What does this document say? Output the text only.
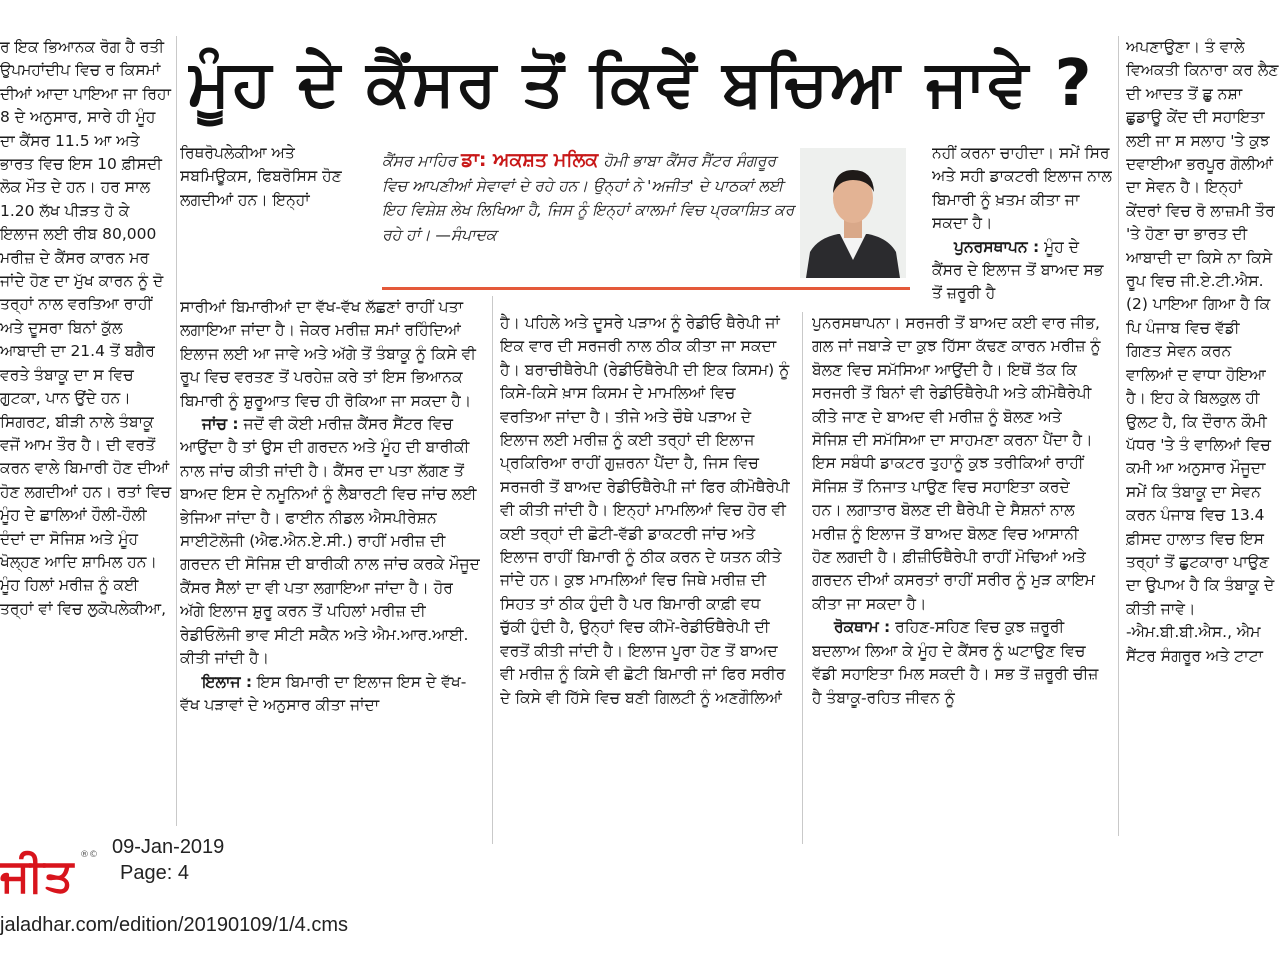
ਮੂੰਹ ਦੇ ਕੈਂਸਰ ਤੋਂ ਕਿਵੇਂ ਬਚਿਆ ਜਾਵੇ ?

ਰ ਇਕ ਭਿਆਨਕ ਰੋਗ ਹੈ ਰਤੀ ਉਪਮਹਾਂਦੀਪ ਵਿਚ ਰ ਕਿਸਮਾਂ ਦੀਆਂ ਆਦਾ ਪਾਇਆ ਜਾ ਰਿਹਾ 8 ਦੇ ਅਨੁਸਾਰ, ਸਾਰੇ ਹੀ ਮੂੰਹ ਦਾ ਕੈਂਸਰ 11.5 ਆ ਅਤੇ ਭਾਰਤ ਵਿਚ ਇਸ 10 ਫ਼ੀਸਦੀ ਲੋਕ ਮੌਤ ਦੇ ਹਨ। ਹਰ ਸਾਲ 1.20 ਲੱਖ ਪੀੜਤ ਹੋ ਕੇ ਇਲਾਜ ਲਈ ਰੀਬ 80,000 ਮਰੀਜ਼ ਦੇ ਕੈਂਸਰ ਕਾਰਨ ਮਰ ਜਾਂਦੇ ਹੋਣ ਦਾ ਮੁੱਖ ਕਾਰਨ ਨੂੰ ਦੋ ਤਰ੍ਹਾਂ ਨਾਲ ਵਰਤਿਆ ਰਾਹੀਂ ਅਤੇ ਦੂਸਰਾ ਬਿਨਾਂ ਕੁੱਲ ਆਬਾਦੀ ਦਾ 21.4 ਤੋਂ ਬਗੈਰ ਵਰਤੇ ਤੰਬਾਕੂ ਦਾ ਸ ਵਿਚ ਗੁਟਕਾ, ਪਾਨ ਉਂਦੇ ਹਨ। ਸਿਗਰਟ, ਬੀੜੀ ਨਾਲੇ ਤੰਬਾਕੂ ਵਜੋਂ ਆਮ ਤੌਰ ਹੈ। ਦੀ ਵਰਤੋਂ ਕਰਨ ਵਾਲੇ ਬਿਮਾਰੀ ਹੋਣ ਦੀਆਂ ਹੋਣ ਲਗਦੀਆਂ ਹਨ। ਰਤਾਂ ਵਿਚ ਮੂੰਹ ਦੇ ਛਾਲਿਆਂ ਹੌਲੀ-ਹੌਲੀ ਦੰਦਾਂ ਦਾ ਸੋਜਿਸ਼ ਅਤੇ ਮੂੰਹ ਖੋਲ੍ਹਣ ਆਦਿ ਸ਼ਾਮਿਲ ਹਨ। ਮੂੰਹ ਹਿਲਾਂ ਮਰੀਜ਼ ਨੂੰ ਕਈ ਤਰ੍ਹਾਂ ਵਾਂ ਵਿਚ ਲੁਕੋਪਲੇਕੀਆ,

ਰਿਥਰੋਪਲੇਕੀਆ ਅਤੇ ਸਬਮਿਊਕਸ, ਫਿਬਰੋਸਿਸ ਹੋਣ ਲਗਦੀਆਂ ਹਨ। ਇਨ੍ਹਾਂ

ਸਾਰੀਆਂ ਬਿਮਾਰੀਆਂ ਦਾ ਵੱਖ-ਵੱਖ ਲੱਛਣਾਂ ਰਾਹੀਂ ਪਤਾ ਲਗਾਇਆ ਜਾਂਦਾ ਹੈ। ਜੇਕਰ ਮਰੀਜ਼ ਸਮਾਂ ਰਹਿੰਦਿਆਂ ਇਲਾਜ ਲਈ ਆ ਜਾਵੇ ਅਤੇ ਅੱਗੇ ਤੋਂ ਤੰਬਾਕੂ ਨੂੰ ਕਿਸੇ ਵੀ ਰੂਪ ਵਿਚ ਵਰਤਣ ਤੋਂ ਪਰਹੇਜ਼ ਕਰੇ ਤਾਂ ਇਸ ਭਿਆਨਕ ਬਿਮਾਰੀ ਨੂੰ ਸ਼ੁਰੂਆਤ ਵਿਚ ਹੀ ਰੋਕਿਆ ਜਾ ਸਕਦਾ ਹੈ।

ਜਾਂਚ : ਜਦੋਂ ਵੀ ਕੋਈ ਮਰੀਜ਼ ਕੈਂਸਰ ਸੈਂਟਰ ਵਿਚ ਆਉਂਦਾ ਹੈ ਤਾਂ ਉਸ ਦੀ ਗਰਦਨ ਅਤੇ ਮੂੰਹ ਦੀ ਬਾਰੀਕੀ ਨਾਲ ਜਾਂਚ ਕੀਤੀ ਜਾਂਦੀ ਹੈ। ਕੈਂਸਰ ਦਾ ਪਤਾ ਲੱਗਣ ਤੋਂ ਬਾਅਦ ਇਸ ਦੇ ਨਮੂਨਿਆਂ ਨੂੰ ਲੈਬਾਰਟੀ ਵਿਚ ਜਾਂਚ ਲਈ ਭੇਜਿਆ ਜਾਂਦਾ ਹੈ। ਫਾਈਨ ਨੀਡਲ ਐਸਪੀਰੇਸ਼ਨ ਸਾਈਟੋਲੋਜੀ (ਐਫ.ਐਨ.ਏ.ਸੀ.) ਰਾਹੀਂ ਮਰੀਜ਼ ਦੀ ਗਰਦਨ ਦੀ ਸੋਜਿਸ਼ ਦੀ ਬਾਰੀਕੀ ਨਾਲ ਜਾਂਚ ਕਰਕੇ ਮੌਜੂਦ ਕੈਂਸਰ ਸੈੱਲਾਂ ਦਾ ਵੀ ਪਤਾ ਲਗਾਇਆ ਜਾਂਦਾ ਹੈ। ਹੋਰ ਅੱਗੇ ਇਲਾਜ ਸ਼ੁਰੂ ਕਰਨ ਤੋਂ ਪਹਿਲਾਂ ਮਰੀਜ਼ ਦੀ ਰੇਡੀਓਲੋਜੀ ਭਾਵ ਸੀਟੀ ਸਕੈਨ ਅਤੇ ਐਮ.ਆਰ.ਆਈ. ਕੀਤੀ ਜਾਂਦੀ ਹੈ।

ਇਲਾਜ : ਇਸ ਬਿਮਾਰੀ ਦਾ ਇਲਾਜ ਇਸ ਦੇ ਵੱਖ-ਵੱਖ ਪੜਾਵਾਂ ਦੇ ਅਨੁਸਾਰ ਕੀਤਾ ਜਾਂਦਾ

ਕੈਂਸਰ ਮਾਹਿਰ ਡਾ: ਅਕਸ਼ਤ ਮਲਿਕ ਹੋਮੀ ਭਾਬਾ ਕੈਂਸਰ ਸੈਂਟਰ ਸੰਗਰੂਰ ਵਿਚ ਆਪਣੀਆਂ ਸੇਵਾਵਾਂ ਦੇ ਰਹੇ ਹਨ। ਉਨ੍ਹਾਂ ਨੇ 'ਅਜੀਤ' ਦੇ ਪਾਠਕਾਂ ਲਈ ਇਹ ਵਿਸ਼ੇਸ਼ ਲੇਖ ਲਿਖਿਆ ਹੈ, ਜਿਸ ਨੂੰ ਇਨ੍ਹਾਂ ਕਾਲਮਾਂ ਵਿਚ ਪ੍ਰਕਾਸ਼ਿਤ ਕਰ ਰਹੇ ਹਾਂ। —ਸੰਪਾਦਕ

ਹੈ। ਪਹਿਲੇ ਅਤੇ ਦੂਸਰੇ ਪੜਾਅ ਨੂੰ ਰੇਡੀਓ ਥੈਰੇਪੀ ਜਾਂ ਇਕ ਵਾਰ ਦੀ ਸਰਜਰੀ ਨਾਲ ਠੀਕ ਕੀਤਾ ਜਾ ਸਕਦਾ ਹੈ। ਬਰਾਚੀਥੈਰੇਪੀ (ਰੇਡੀਓਥੈਰੇਪੀ ਦੀ ਇਕ ਕਿਸਮ) ਨੂੰ ਕਿਸੇ-ਕਿਸੇ ਖ਼ਾਸ ਕਿਸਮ ਦੇ ਮਾਮਲਿਆਂ ਵਿਚ ਵਰਤਿਆ ਜਾਂਦਾ ਹੈ। ਤੀਜੇ ਅਤੇ ਚੌਥੇ ਪੜਾਅ ਦੇ ਇਲਾਜ ਲਈ ਮਰੀਜ਼ ਨੂੰ ਕਈ ਤਰ੍ਹਾਂ ਦੀ ਇਲਾਜ ਪ੍ਰਕਿਰਿਆ ਰਾਹੀਂ ਗੁਜ਼ਰਨਾ ਪੈਂਦਾ ਹੈ, ਜਿਸ ਵਿਚ ਸਰਜਰੀ ਤੋਂ ਬਾਅਦ ਰੇਡੀਓਥੈਰੇਪੀ ਜਾਂ ਫਿਰ ਕੀਮੋਥੈਰੇਪੀ ਵੀ ਕੀਤੀ ਜਾਂਦੀ ਹੈ। ਇਨ੍ਹਾਂ ਮਾਮਲਿਆਂ ਵਿਚ ਹੋਰ ਵੀ ਕਈ ਤਰ੍ਹਾਂ ਦੀ ਛੋਟੀ-ਵੱਡੀ ਡਾਕਟਰੀ ਜਾਂਚ ਅਤੇ ਇਲਾਜ ਰਾਹੀਂ ਬਿਮਾਰੀ ਨੂੰ ਠੀਕ ਕਰਨ ਦੇ ਯਤਨ ਕੀਤੇ ਜਾਂਦੇ ਹਨ। ਕੁਝ ਮਾਮਲਿਆਂ ਵਿਚ ਜਿਥੇ ਮਰੀਜ਼ ਦੀ ਸਿਹਤ ਤਾਂ ਠੀਕ ਹੁੰਦੀ ਹੈ ਪਰ ਬਿਮਾਰੀ ਕਾਫ਼ੀ ਵਧ ਚੁੱਕੀ ਹੁੰਦੀ ਹੈ, ਉਨ੍ਹਾਂ ਵਿਚ ਕੀਮੋ-ਰੇਡੀਓਥੈਰੇਪੀ ਦੀ ਵਰਤੋਂ ਕੀਤੀ ਜਾਂਦੀ ਹੈ। ਇਲਾਜ ਪੂਰਾ ਹੋਣ ਤੋਂ ਬਾਅਦ ਵੀ ਮਰੀਜ਼ ਨੂੰ ਕਿਸੇ ਵੀ ਛੋਟੀ ਬਿਮਾਰੀ ਜਾਂ ਫਿਰ ਸਰੀਰ ਦੇ ਕਿਸੇ ਵੀ ਹਿੱਸੇ ਵਿਚ ਬਣੀ ਗਿਲਟੀ ਨੂੰ ਅਣਗੌਲਿਆਂ

ਨਹੀਂ ਕਰਨਾ ਚਾਹੀਦਾ। ਸਮੇਂ ਸਿਰ ਅਤੇ ਸਹੀ ਡਾਕਟਰੀ ਇਲਾਜ ਨਾਲ ਬਿਮਾਰੀ ਨੂੰ ਖ਼ਤਮ ਕੀਤਾ ਜਾ ਸਕਦਾ ਹੈ।

ਪੁਨਰਸਥਾਪਨ : ਮੂੰਹ ਦੇ ਕੈਂਸਰ ਦੇ ਇਲਾਜ ਤੋਂ ਬਾਅਦ ਸਭ ਤੋਂ ਜ਼ਰੂਰੀ ਹੈ

ਪੁਨਰਸਥਾਪਨਾ। ਸਰਜਰੀ ਤੋਂ ਬਾਅਦ ਕਈ ਵਾਰ ਜੀਭ, ਗਲ ਜਾਂ ਜਬਾੜੇ ਦਾ ਕੁਝ ਹਿੱਸਾ ਕੱਢਣ ਕਾਰਨ ਮਰੀਜ਼ ਨੂੰ ਬੋਲਣ ਵਿਚ ਸਮੱਸਿਆ ਆਉਂਦੀ ਹੈ। ਇਥੋਂ ਤੱਕ ਕਿ ਸਰਜਰੀ ਤੋਂ ਬਿਨਾਂ ਵੀ ਰੇਡੀਓਥੈਰੇਪੀ ਅਤੇ ਕੀਮੋਥੈਰੇਪੀ ਕੀਤੇ ਜਾਣ ਦੇ ਬਾਅਦ ਵੀ ਮਰੀਜ਼ ਨੂੰ ਬੋਲਣ ਅਤੇ ਸੋਜਿਸ਼ ਦੀ ਸਮੱਸਿਆ ਦਾ ਸਾਹਮਣਾ ਕਰਨਾ ਪੈਂਦਾ ਹੈ। ਇਸ ਸਬੰਧੀ ਡਾਕਟਰ ਤੁਹਾਨੂੰ ਕੁਝ ਤਰੀਕਿਆਂ ਰਾਹੀਂ ਸੋਜਿਸ਼ ਤੋਂ ਨਿਜਾਤ ਪਾਉਣ ਵਿਚ ਸਹਾਇਤਾ ਕਰਦੇ ਹਨ। ਲਗਾਤਾਰ ਬੋਲਣ ਦੀ ਥੈਰੇਪੀ ਦੇ ਸੈਸ਼ਨਾਂ ਨਾਲ ਮਰੀਜ਼ ਨੂੰ ਇਲਾਜ ਤੋਂ ਬਾਅਦ ਬੋਲਣ ਵਿਚ ਆਸਾਨੀ ਹੋਣ ਲਗਦੀ ਹੈ। ਫ਼ੀਜ਼ੀਓਥੈਰੇਪੀ ਰਾਹੀਂ ਮੋਢਿਆਂ ਅਤੇ ਗਰਦਨ ਦੀਆਂ ਕਸਰਤਾਂ ਰਾਹੀਂ ਸਰੀਰ ਨੂੰ ਮੁੜ ਕਾਇਮ ਕੀਤਾ ਜਾ ਸਕਦਾ ਹੈ।

ਰੋਕਥਾਮ : ਰਹਿਣ-ਸਹਿਣ ਵਿਚ ਕੁਝ ਜ਼ਰੂਰੀ ਬਦਲਾਅ ਲਿਆ ਕੇ ਮੂੰਹ ਦੇ ਕੈਂਸਰ ਨੂੰ ਘਟਾਉਣ ਵਿਚ ਵੱਡੀ ਸਹਾਇਤਾ ਮਿਲ ਸਕਦੀ ਹੈ। ਸਭ ਤੋਂ ਜ਼ਰੂਰੀ ਚੀਜ਼ ਹੈ ਤੰਬਾਕੂ-ਰਹਿਤ ਜੀਵਨ ਨੂੰ

ਅਪਣਾਉਣਾ। ਤੰ ਵਾਲੇ ਵਿਅਕਤੀ ਕਿਨਾਰਾ ਕਰ ਲੈਣ ਦੀ ਆਦਤ ਤੋਂ ਛੁ ਨਸ਼ਾ ਛੁਡਾਊ ਕੇਂਦ ਦੀ ਸਹਾਇਤਾ ਲਈ ਜਾ ਸ ਸਲਾਹ 'ਤੇ ਕੁਝ ਦਵਾਈਆ ਭਰਪੂਰ ਗੋਲੀਆਂ ਦਾ ਸੇਵਨ ਹੈ। ਇਨ੍ਹਾਂ ਕੇਂਦਰਾਂ ਵਿਚ ਰੋ ਲਾਜ਼ਮੀ ਤੌਰ 'ਤੇ ਹੋਣਾ ਚਾ ਭਾਰਤ ਦੀ ਆਬਾਦੀ ਦਾ ਕਿਸੇ ਨਾ ਕਿਸੇ ਰੂਪ ਵਿਚ ਜੀ.ਏ.ਟੀ.ਐਸ. (2) ਪਾਇਆ ਗਿਆ ਹੈ ਕਿ ਪਿ ਪੰਜਾਬ ਵਿਚ ਵੱਡੀ ਗਿਣਤ ਸੇਵਨ ਕਰਨ ਵਾਲਿਆਂ ਦ ਵਾਧਾ ਹੋਇਆ ਹੈ। ਇਹ ਕੇ ਬਿਲਕੁਲ ਹੀ ਉਲਟ ਹੈ, ਕਿ ਦੌਰਾਨ ਕੌਮੀ ਪੱਧਰ 'ਤੇ ਤੰ ਵਾਲਿਆਂ ਵਿਚ ਕਮੀ ਆ ਅਨੁਸਾਰ ਮੌਜੂਦਾ ਸਮੇਂ ਕਿ ਤੰਬਾਕੂ ਦਾ ਸੇਵਨ ਕਰਨ ਪੰਜਾਬ ਵਿਚ 13.4 ਫ਼ੀਸਦ ਹਾਲਾਤ ਵਿਚ ਇਸ ਤਰ੍ਹਾਂ ਤੋਂ ਛੁਟਕਾਰਾ ਪਾਉਣ ਦਾ ਉਪਾਅ ਹੈ ਕਿ ਤੰਬਾਕੂ ਦੇ ਕੀਤੀ ਜਾਵੇ। -ਐਮ.ਬੀ.ਬੀ.ਐਸ., ਐਮ ਸੈਂਟਰ ਸੰਗਰੂਰ ਅਤੇ ਟਾਟਾ

ਜੀਤ ®© 09-Jan-2019
Page: 4
jaladhar.com/edition/20190109/1/4.cms
